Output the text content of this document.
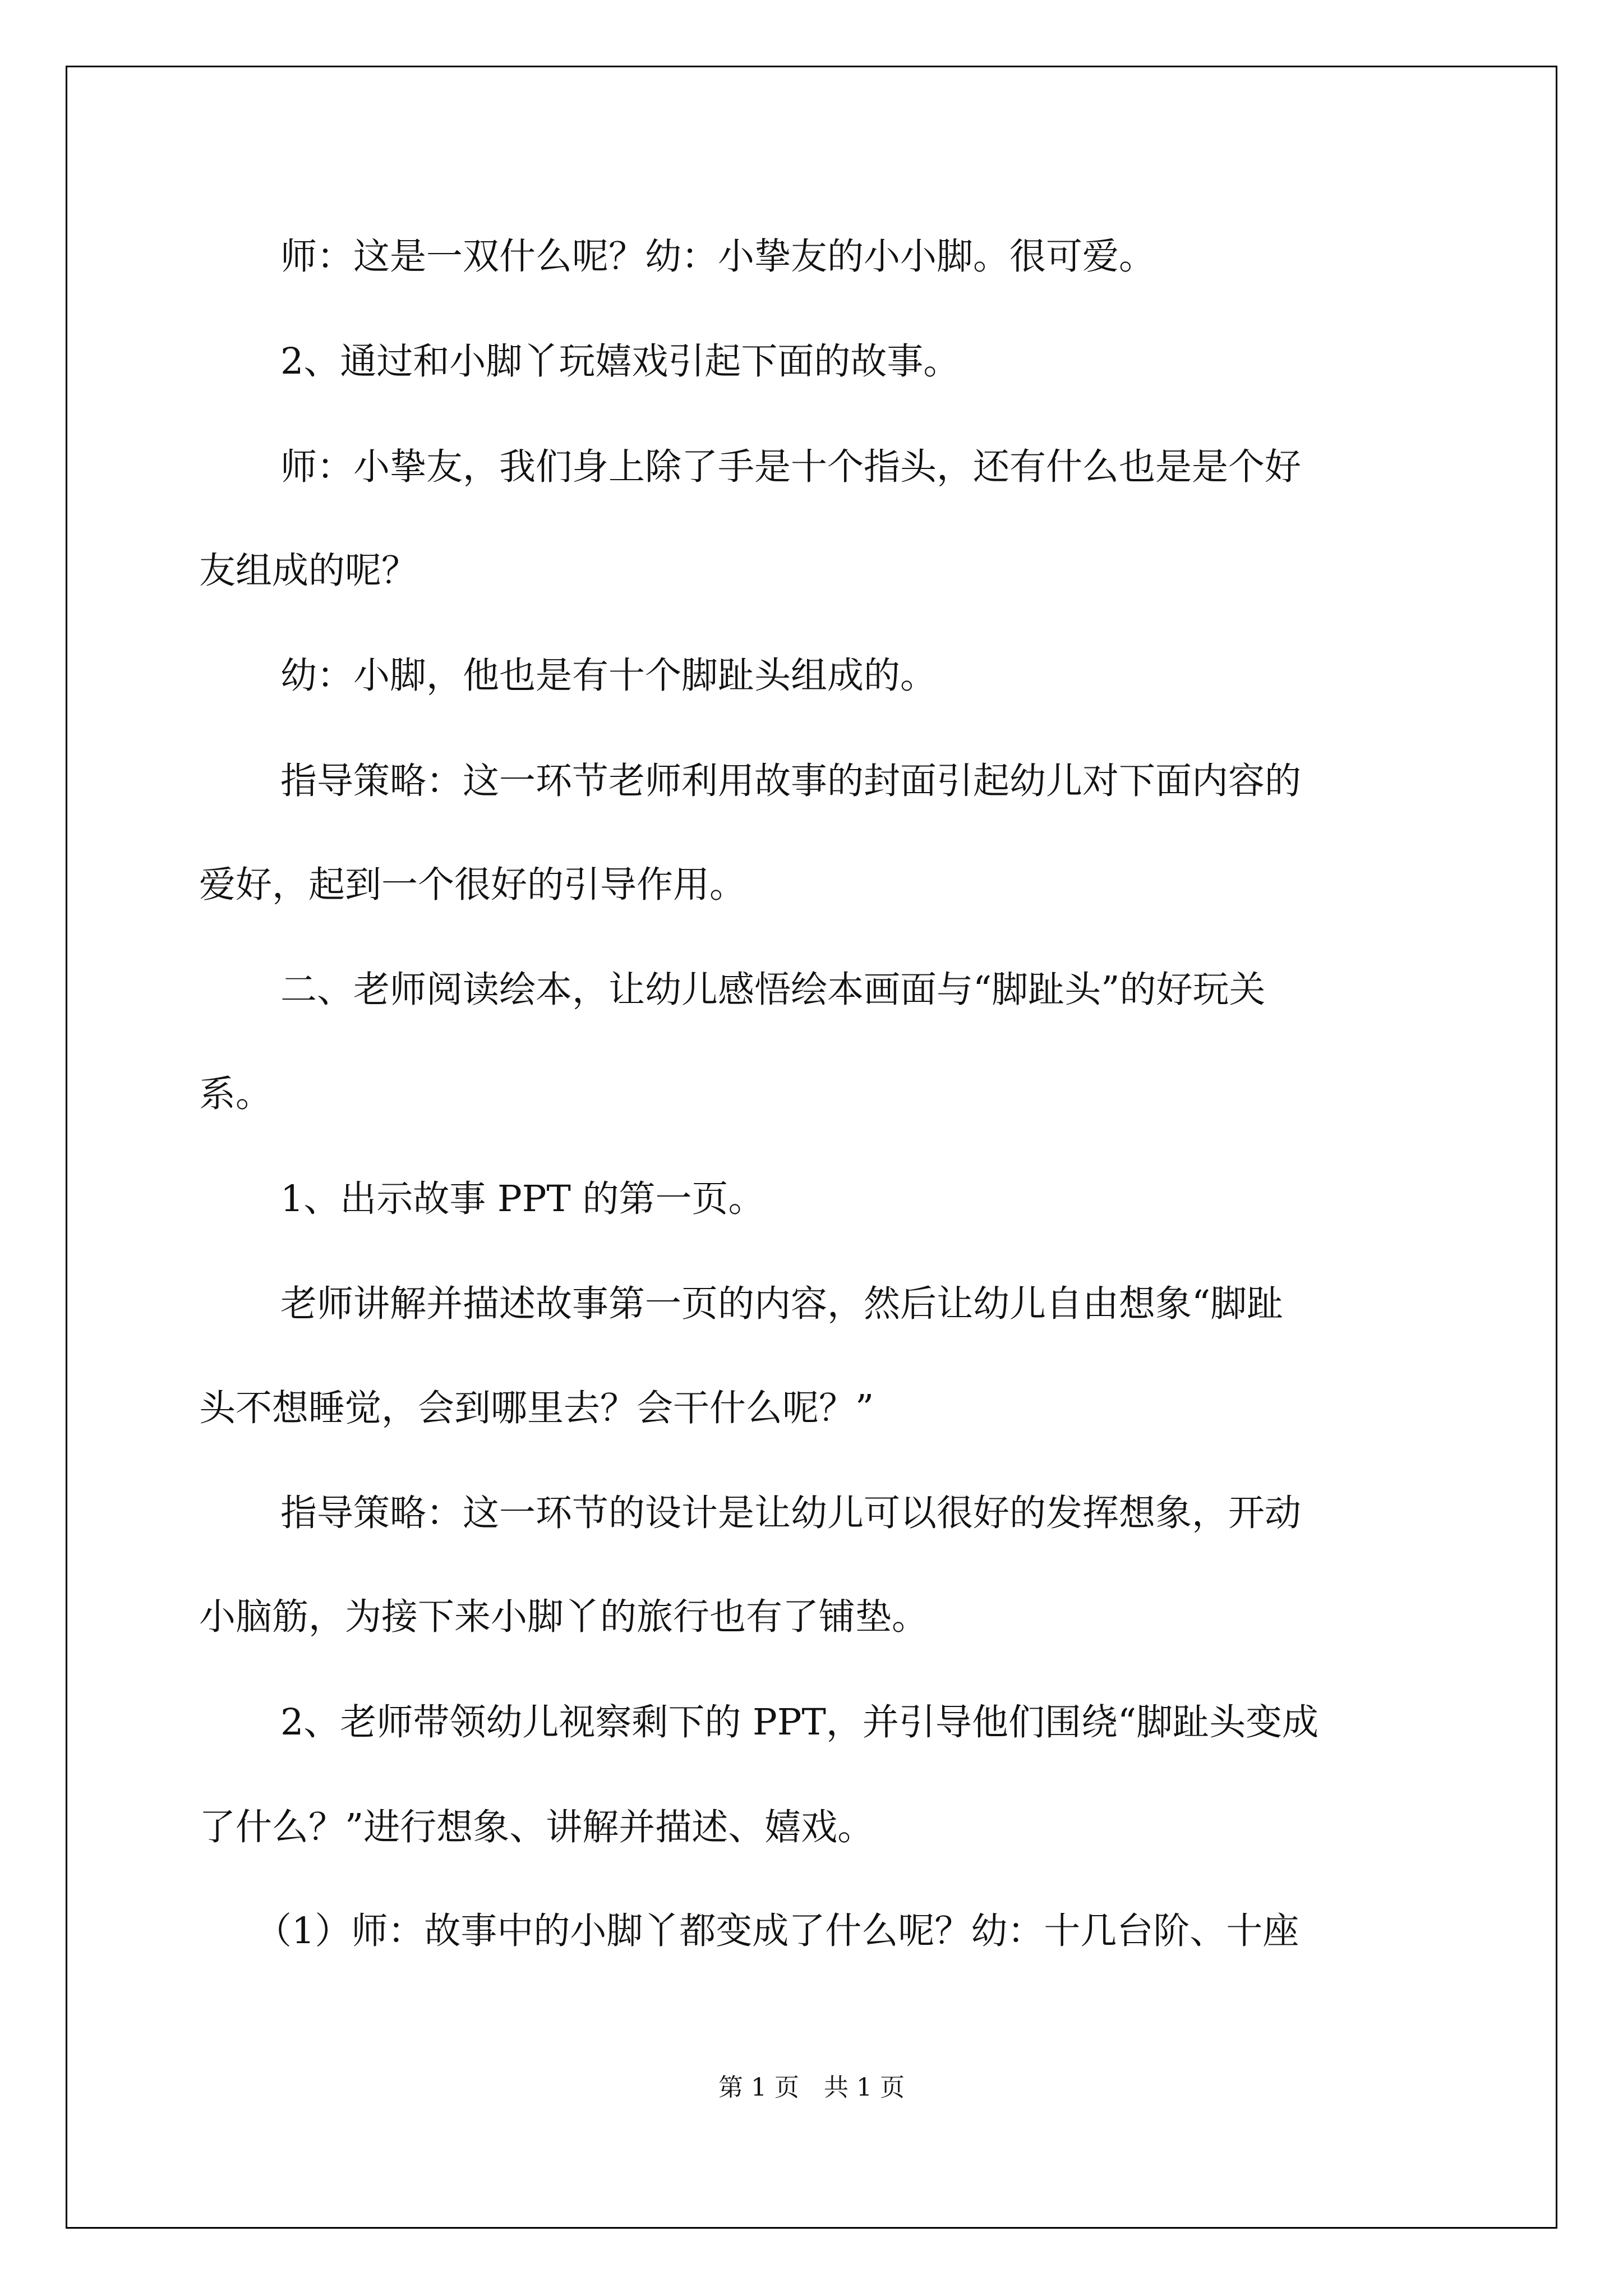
师：这是一双什么呢？幼：小挚友的小小脚。很可爱。
2、通过和小脚丫玩嬉戏引起下面的故事。
师：小挚友，我们身上除了手是十个指头，还有什么也是是个好
友组成的呢？
幼：小脚，他也是有十个脚趾头组成的。
指导策略：这一环节老师利用故事的封面引起幼儿对下面内容的
爱好，起到一个很好的引导作用。
二、老师阅读绘本，让幼儿感悟绘本画面与“脚趾头”的好玩关
系。
1、出示故事 PPT 的第一页。
老师讲解并描述故事第一页的内容，然后让幼儿自由想象“脚趾
头不想睡觉，会到哪里去？会干什么呢？”
指导策略：这一环节的设计是让幼儿可以很好的发挥想象，开动
小脑筋，为接下来小脚丫的旅行也有了铺垫。
2、老师带领幼儿视察剩下的 PPT，并引导他们围绕“脚趾头变成
了什么？”进行想象、讲解并描述、嬉戏。
（1）师：故事中的小脚丫都变成了什么呢？幼：十几台阶、十座
第 1 页　共 1 页
